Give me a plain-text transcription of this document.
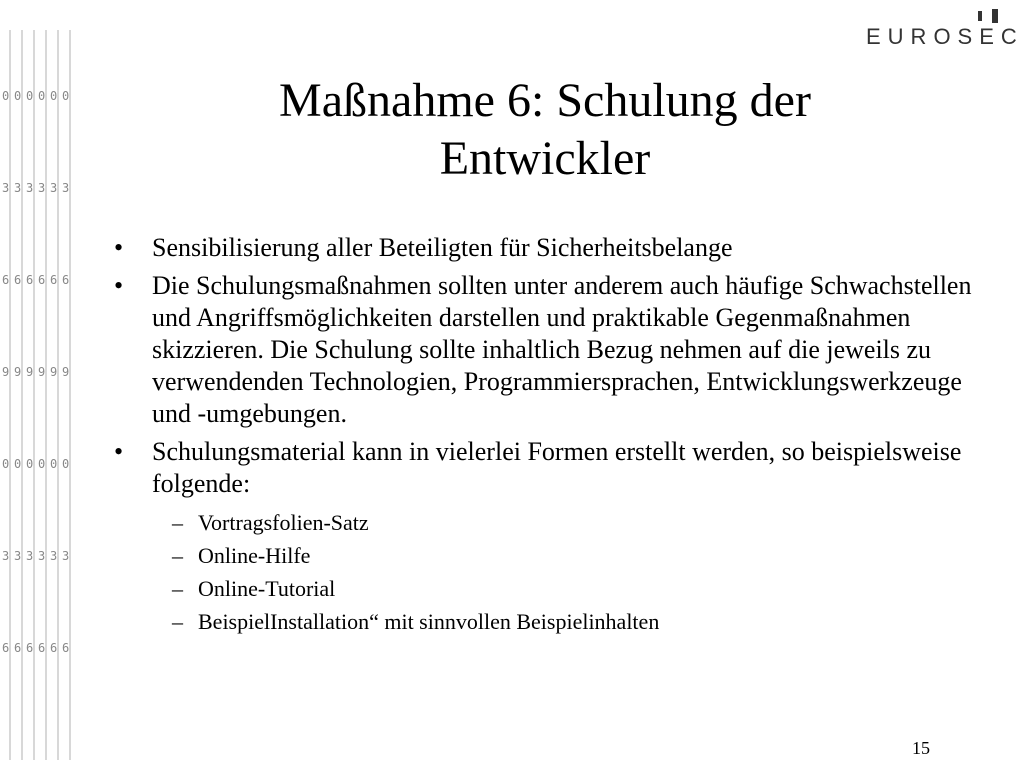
0 0 0 0 0 0
3 3 3 3 3 3
6 6 6 6 6 6
9 9 9 9 9 9
0 0 0 0 0 0
3 3 3 3 3 3
6 6 6 6 6 6
EUROSEC
Maßnahme 6: Schulung der
Entwickler
• Sensibilisierung aller Beteiligten für Sicherheitsbelange
• Die Schulungsmaßnahmen sollten unter anderem auch häufige Schwachstellen und Angriffsmöglichkeiten darstellen und praktikable Gegenmaßnahmen skizzieren. Die Schulung sollte inhaltlich Bezug nehmen auf die jeweils zu verwendenden Technologien, Programmiersprachen, Entwicklungswerkzeuge und -umgebungen.
• Schulungsmaterial kann in vielerlei Formen erstellt werden, so beispielsweise folgende:
– Vortragsfolien-Satz
– Online-Hilfe
– Online-Tutorial
– BeispielInstallation“ mit sinnvollen Beispielinhalten
15
